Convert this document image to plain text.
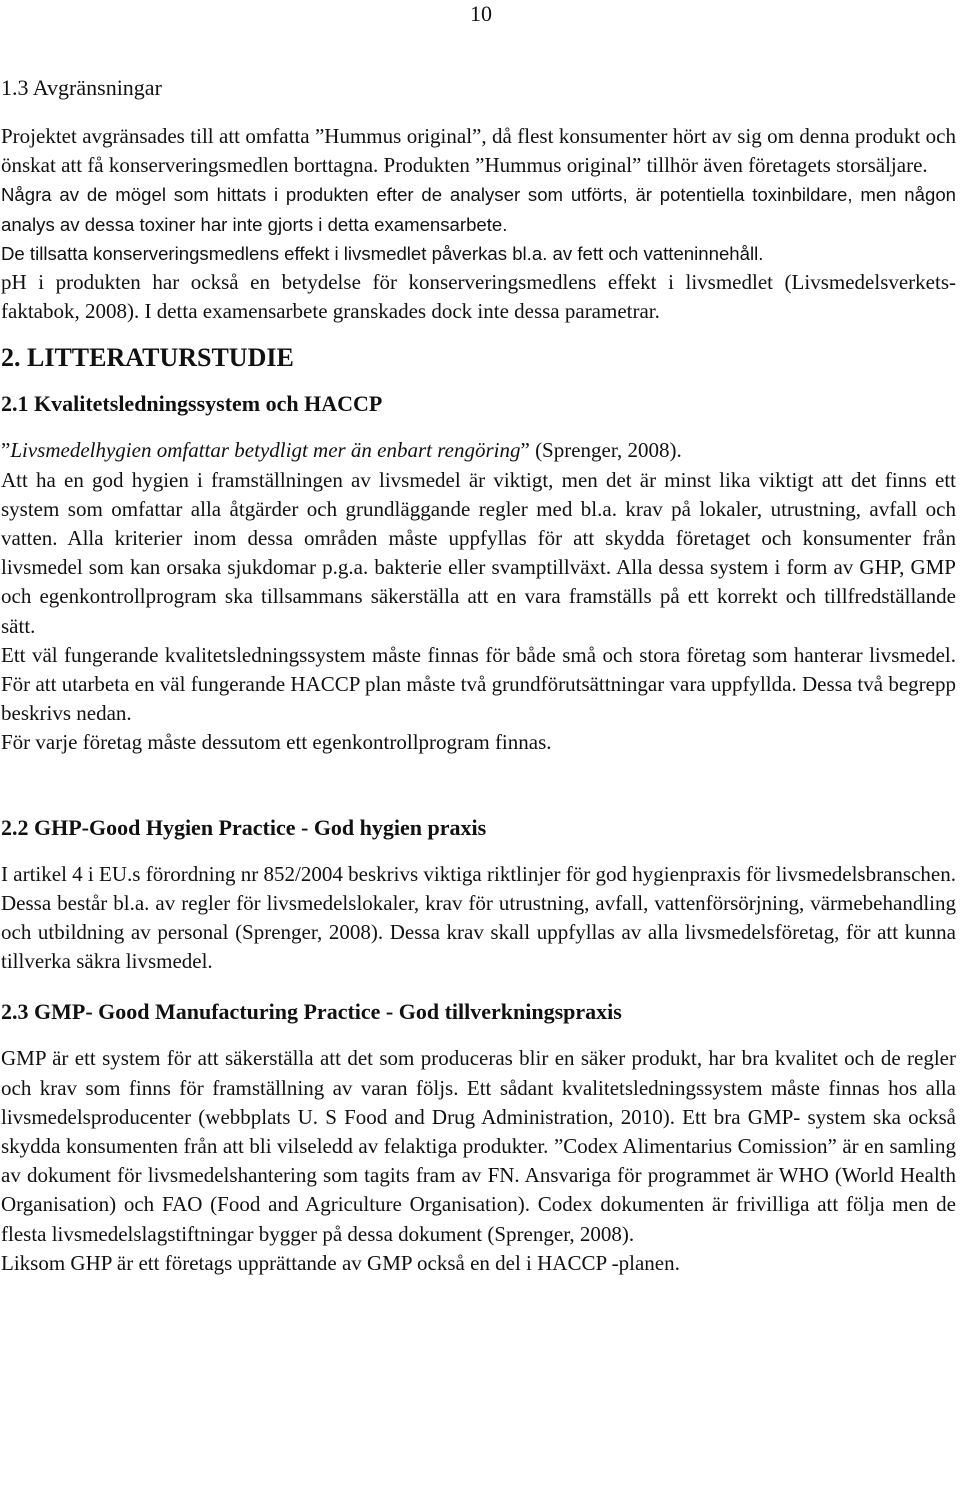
10
1.3 Avgränsningar

Projektet avgränsades till att omfatta ”Hummus original”, då flest konsumenter hört av sig om denna produkt och önskat att få konserveringsmedlen borttagna. Produkten ”Hummus original” tillhör även företagets storsäljare.

Några av de mögel som hittats i produkten efter de analyser som utförts, är potentiella toxinbildare, men någon analys av dessa toxiner har inte gjorts i detta examensarbete.

De tillsatta konserveringsmedlens effekt i livsmedlet påverkas bl.a. av fett och vatteninnehåll.

pH i produkten har också en betydelse för konserveringsmedlens effekt i livsmedlet (Livsmedelsverkets-faktabok, 2008). I detta examensarbete granskades dock inte dessa parametrar.

2. LITTERATURSTUDIE
2.1 Kvalitetsledningssystem och HACCP

”Livsmedelhygien omfattar betydligt mer än enbart rengöring” (Sprenger, 2008).

Att ha en god hygien i framställningen av livsmedel är viktigt, men det är minst lika viktigt att det finns ett system som omfattar alla åtgärder och grundläggande regler med bl.a. krav på lokaler, utrustning, avfall och vatten. Alla kriterier inom dessa områden måste uppfyllas för att skydda företaget och konsumenter från livsmedel som kan orsaka sjukdomar p.g.a. bakterie eller svamptillväxt. Alla dessa system i form av GHP, GMP och egenkontrollprogram ska tillsammans säkerställa att en vara framställs på ett korrekt och tillfredställande sätt.

Ett väl fungerande kvalitetsledningssystem måste finnas för både små och stora företag som hanterar livsmedel. För att utarbeta en väl fungerande HACCP plan måste två grundförutsättningar vara uppfyllda. Dessa två begrepp beskrivs nedan.

För varje företag måste dessutom ett egenkontrollprogram finnas.

2.2 GHP-Good Hygien Practice - God hygien praxis

I artikel 4 i EU.s förordning nr 852/2004 beskrivs viktiga riktlinjer för god hygienpraxis för livsmedelsbranschen. Dessa består bl.a. av regler för livsmedelslokaler, krav för utrustning, avfall, vattenförsörjning, värmebehandling och utbildning av personal (Sprenger, 2008). Dessa krav skall uppfyllas av alla livsmedelsföretag, för att kunna tillverka säkra livsmedel.

2.3 GMP- Good Manufacturing Practice - God tillverkningspraxis

GMP är ett system för att säkerställa att det som produceras blir en säker produkt, har bra kvalitet och de regler och krav som finns för framställning av varan följs. Ett sådant kvalitetsledningssystem måste finnas hos alla livsmedelsproducenter (webbplats U. S Food and Drug Administration, 2010). Ett bra GMP- system ska också skydda konsumenten från att bli vilseledd av felaktiga produkter. ”Codex Alimentarius Comission” är en samling av dokument för livsmedelshantering som tagits fram av FN. Ansvariga för programmet är WHO (World Health Organisation) och FAO (Food and Agriculture Organisation). Codex dokumenten är frivilliga att följa men de flesta livsmedelslagstiftningar bygger på dessa dokument (Sprenger, 2008).

Liksom GHP är ett företags upprättande av GMP också en del i HACCP -planen.
